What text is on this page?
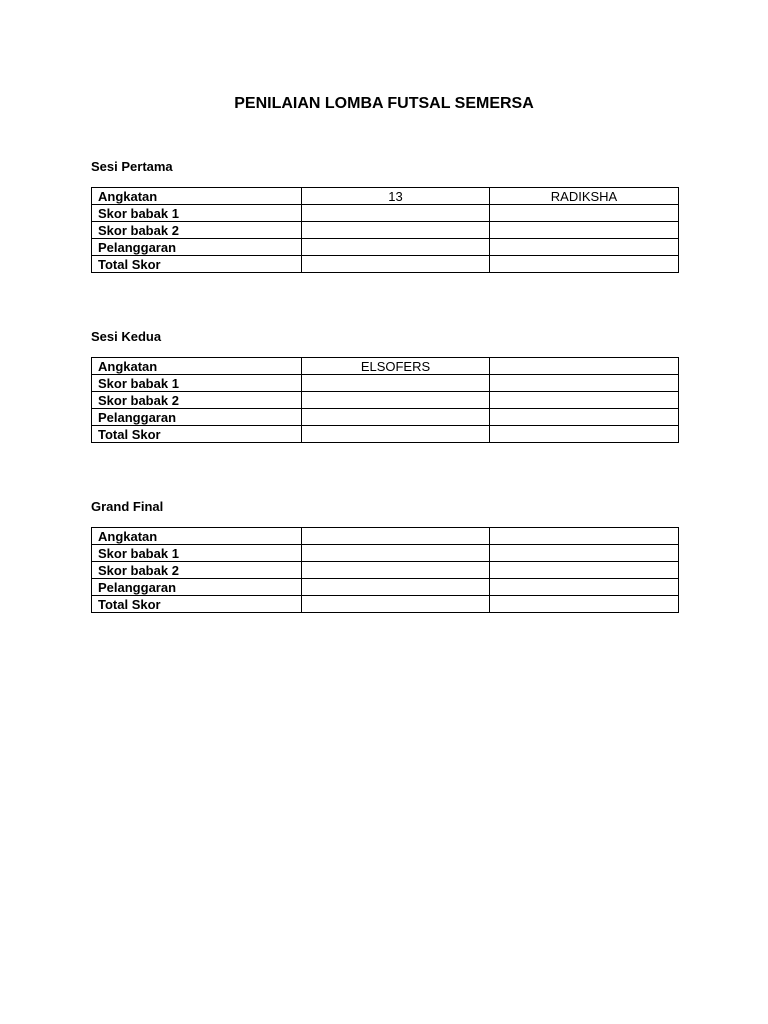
PENILAIAN LOMBA FUTSAL SEMERSA
Sesi Pertama
Angkatan	13	RADIKSHA
Skor babak 1		
Skor babak 2		
Pelanggaran		
Total Skor		
Sesi Kedua
Angkatan	ELSOFERS	
Skor babak 1		
Skor babak 2		
Pelanggaran		
Total Skor		
Grand Final
Angkatan		
Skor babak 1		
Skor babak 2		
Pelanggaran		
Total Skor		
